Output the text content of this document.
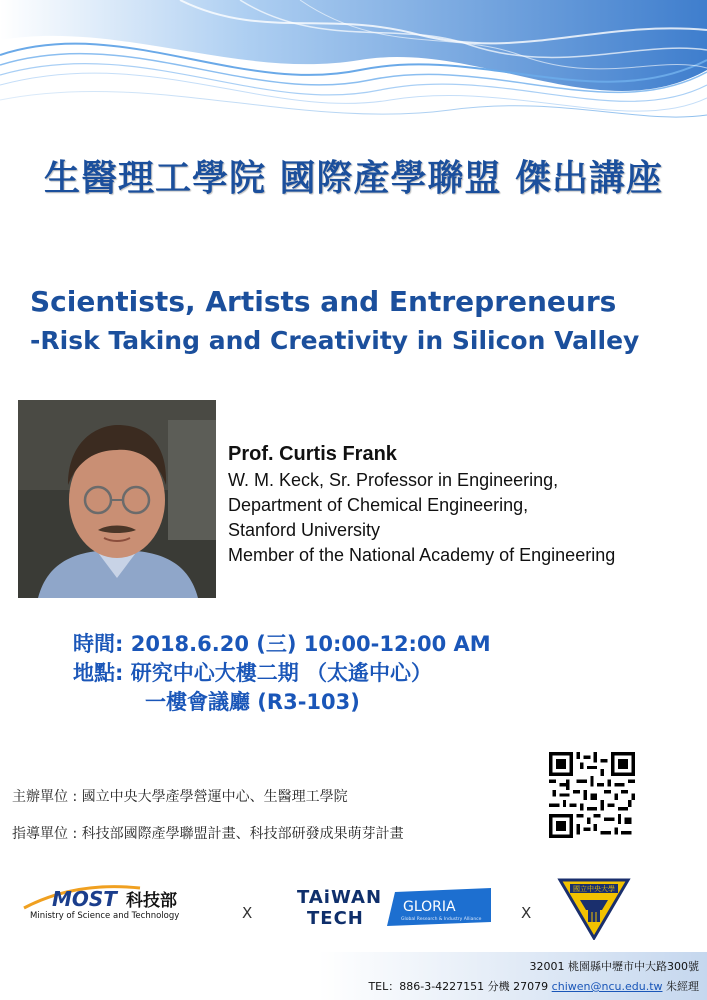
生醫理工學院 國際產學聯盟 傑出講座
Scientists, Artists and Entrepreneurs
-Risk Taking and Creativity in Silicon Valley
Prof. Curtis Frank
W. M. Keck, Sr. Professor in Engineering,
Department of Chemical Engineering,
Stanford University
Member of the National Academy of Engineering
時間: 2018.6.20 (三) 10:00-12:00 AM
地點: 研究中心大樓二期 （太遙中心）
一樓會議廳 (R3-103)
主辦單位 : 國立中央大學產學營運中心、生醫理工學院
指導單位 : 科技部國際產學聯盟計畫、科技部研發成果萌芽計畫
MOST 科技部
Ministry of Science and Technology	X
TAiWAN
TECH
GLORIA
Global Research & Industry Alliance	X
國立中央大學
32001 桃園縣中壢市中大路300號
TEL：886-3-4227151 分機 27079 chiwen@ncu.edu.tw 朱經理
